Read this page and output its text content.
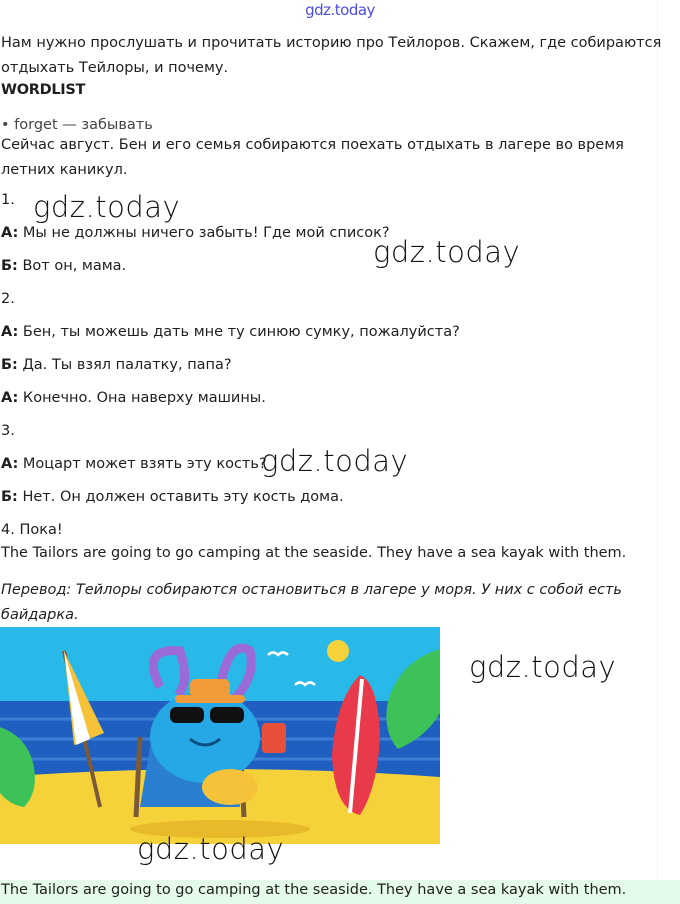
gdz.today
Нам нужно прослушать и прочитать историю про Тейлоров. Скажем, где собираются отдыхать Тейлоры, и почему.
WORDLIST
• forget — забывать
Сейчас август. Бен и его семья собираются поехать отдыхать в лагере во время летних каникул.
1.
A: Мы не должны ничего забыть! Где мой список?
Б: Вот он, мама.
2.
A: Бен, ты можешь дать мне ту синюю сумку, пожалуйста?
Б: Да. Ты взял палатку, папа?
A: Конечно. Она наверху машины.
3.
A: Моцарт может взять эту кость?
Б: Нет. Он должен оставить эту кость дома.
4. Пока!
The Tailors are going to go camping at the seaside. They have a sea kayak with them.
Перевод: Тейлоры собираются остановиться в лагере у моря. У них с собой есть байдарка.
gdz.today
gdz.today
gdz.today
gdz.today
gdz.today
The Tailors are going to go camping at the seaside. They have a sea kayak with them.
